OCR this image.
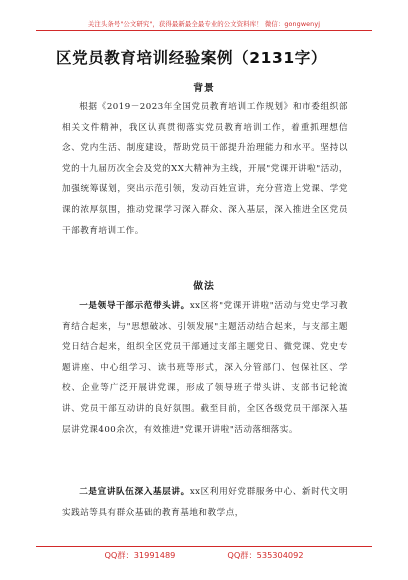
关注头条号"公文研究"，获得最新最全最专业的公文资料库！ 微信：gongwenyj
区党员教育培训经验案例（2131字）
背景

根据《2019－2023年全国党员教育培训工作规划》和市委组织部相关文件精神，我区认真贯彻落实党员教育培训工作，着重抓理想信念、党内生活、制度建设，帮助党员干部提升治理能力和水平。坚持以党的十九届历次全会及党的XX大精神为主线，开展"党课开讲啦"活动，加强统筹谋划，突出示范引领，发动百姓宣讲，充分营造上党课、学党课的浓厚氛围，推动党课学习深入群众、深入基层，深入推进全区党员干部教育培训工作。

做法

一是领导干部示范带头讲。xx区将"党课开讲啦"活动与党史学习教育结合起来，与"思想破冰、引领发展"主题活动结合起来，与支部主题党日结合起来，组织全区党员干部通过支部主题党日、微党课、党史专题讲座、中心组学习、读书班等形式，深入分管部门、包保社区、学校、企业等广泛开展讲党课，形成了领导班子带头讲、支部书记轮流讲、党员干部互动讲的良好氛围。截至目前，全区各级党员干部深入基层讲党课400余次，有效推进"党课开讲啦"活动落细落实。

二是宣讲队伍深入基层讲。xx区利用好党群服务中心、新时代文明实践站等具有群众基础的教育基地和教学点，

QQ群：31991489	QQ群：535304092
